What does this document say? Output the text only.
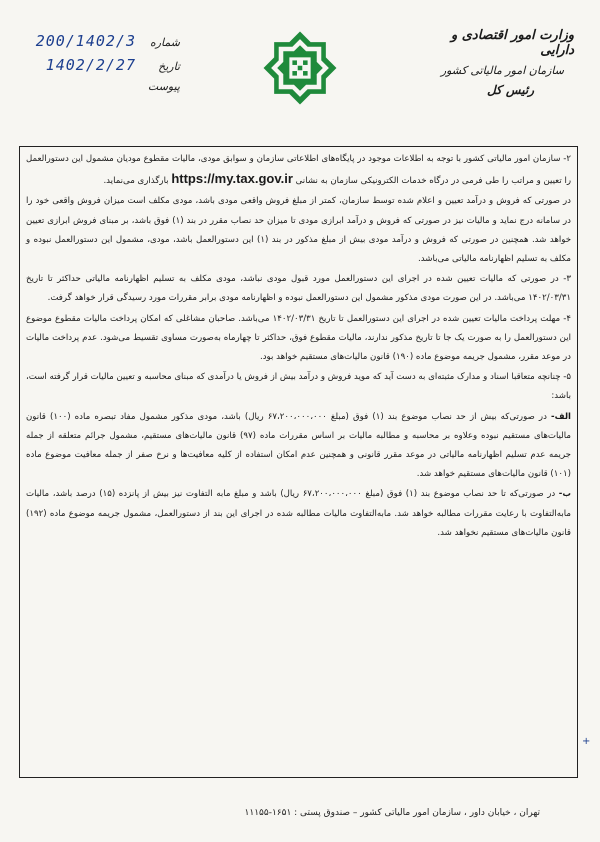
وزارت امور اقتصادی و دارایی
سازمان امور مالیاتی کشور
رئیس کل
شماره
200/1402/3
تاریخ
1402/2/27
پیوست

۲- سازمان امور مالیاتی کشور با توجه به اطلاعات موجود در پایگاه‌های اطلاعاتی سازمان و سوابق مودی، مالیات مقطوع مودیان مشمول این دستورالعمل را تعیین و مراتب را طی فرمی در درگاه خدمات الکترونیکی سازمان به نشانی https://my.tax.gov.ir بارگذاری می‌نماید.

در صورتی که فروش و درآمد تعیین و اعلام شده توسط سازمان، کمتر از مبلغ فروش واقعی مودی باشد، مودی مکلف است میزان فروش واقعی خود را در سامانه درج نماید و مالیات نیز در صورتی که فروش و درآمد ابرازی مودی تا میزان حد نصاب مقرر در بند (۱) فوق باشد، بر مبنای فروش ابرازی تعیین خواهد شد. همچنین در صورتی که فروش و درآمد مودی بیش از مبلغ مذکور در بند (۱) این دستورالعمل باشد، مودی، مشمول این دستورالعمل نبوده و مکلف به تسلیم اظهارنامه مالیاتی می‌باشد.

۳- در صورتی که مالیات تعیین شده در اجرای این دستورالعمل مورد قبول مودی نباشد، مودی مکلف به تسلیم اظهارنامه مالیاتی حداکثر تا تاریخ ۱۴۰۲/۰۳/۳۱ می‌باشد. در این صورت مودی مذکور مشمول این دستورالعمل نبوده و اظهارنامه مودی برابر مقررات مورد رسیدگی قرار خواهد گرفت.

۴- مهلت پرداخت مالیات تعیین شده در اجرای این دستورالعمل تا تاریخ ۱۴۰۲/۰۳/۳۱ می‌باشد. صاحبان مشاغلی که امکان پرداخت مالیات مقطوع موضوع این دستورالعمل را به صورت یک جا تا تاریخ مذکور ندارند، مالیات مقطوع فوق، حداکثر تا چهارماه به‌صورت مساوی تقسیط می‌شود. عدم پرداخت مالیات در موعد مقرر، مشمول جریمه موضوع ماده (۱۹۰) قانون مالیات‌های مستقیم خواهد بود.

۵- چنانچه متعاقبا اسناد و مدارک مثبته‌ای به دست آید که موید فروش و درآمد بیش از فروش یا درآمدی که مبنای محاسبه و تعیین مالیات قرار گرفته است، باشد:

الف- در صورتی‌که بیش از حد نصاب موضوع بند (۱) فوق (مبلغ ۶۷،۲۰۰،۰۰۰،۰۰۰ ریال) باشد، مودی مذکور مشمول مفاد تبصره ماده (۱۰۰) قانون مالیات‌های مستقیم نبوده وعلاوه بر محاسبه و مطالبه مالیات بر اساس مقررات ماده (۹۷) قانون مالیات‌های مستقیم، مشمول جرائم متعلقه از جمله جریمه عدم تسلیم اظهارنامه مالیاتی در موعد مقرر قانونی و همچنین عدم امکان استفاده از کلیه معافیت‌ها و نرخ صفر از جمله معافیت موضوع ماده (۱۰۱) قانون مالیات‌های مستقیم خواهد شد.

ب- در صورتی‌که تا حد نصاب موضوع بند (۱) فوق (مبلغ ۶۷،۲۰۰،۰۰۰،۰۰۰ ریال) باشد و مبلغ مابه التفاوت نیز بیش از پانزده (۱۵) درصد باشد، مالیات مابه‌التفاوت با رعایت مقررات مطالبه خواهد شد. مابه‌التفاوت مالیات مطالبه شده در اجرای این بند از دستورالعمل، مشمول جریمه موضوع ماده (۱۹۲) قانون مالیات‌های مستقیم نخواهد شد.

+
تهران ، خیابان داور ، سازمان امور مالیاتی کشور – صندوق پستی : ۱۶۵۱-۱۱۱۵۵
